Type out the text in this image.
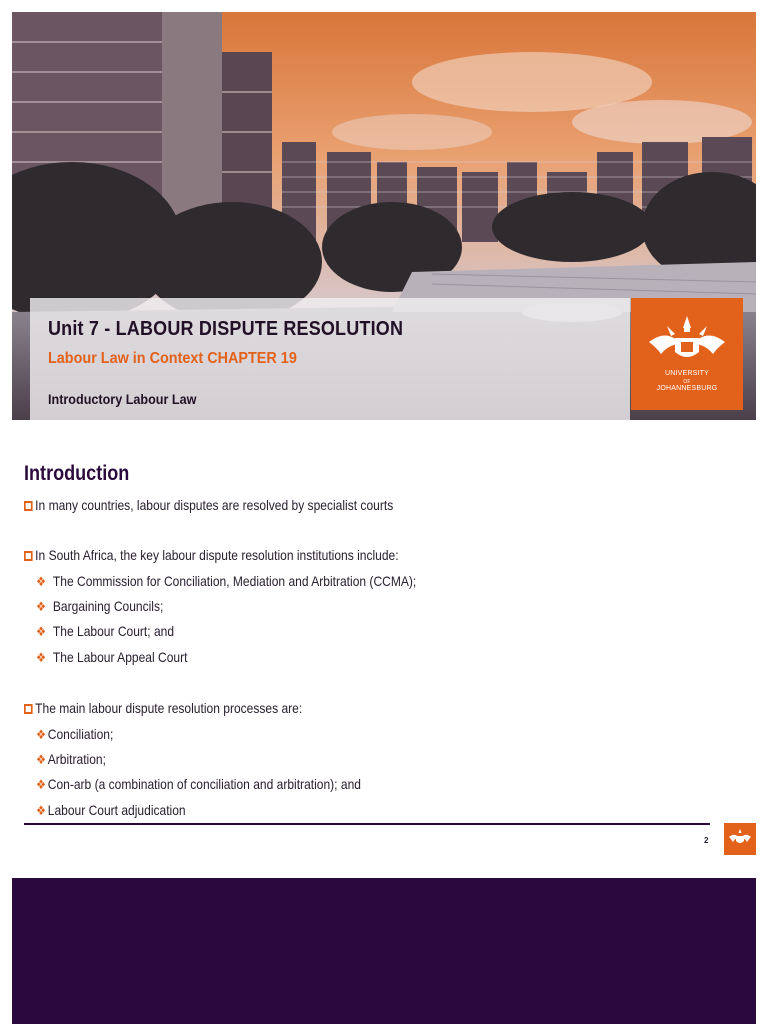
Unit 7 - LABOUR DISPUTE RESOLUTION
Labour Law in Context CHAPTER 19
Introductory Labour Law
UNIVERSITY
OF
JOHANNESBURG
Introduction
In many countries, labour disputes are resolved by specialist courts
In South Africa, the key labour dispute resolution institutions include:
❖ The Commission for Conciliation, Mediation and Arbitration (CCMA);
❖ Bargaining Councils;
❖ The Labour Court; and
❖ The Labour Appeal Court
The main labour dispute resolution processes are:
❖ Conciliation;
❖ Arbitration;
❖ Con-arb (a combination of conciliation and arbitration); and
❖ Labour Court adjudication
2
